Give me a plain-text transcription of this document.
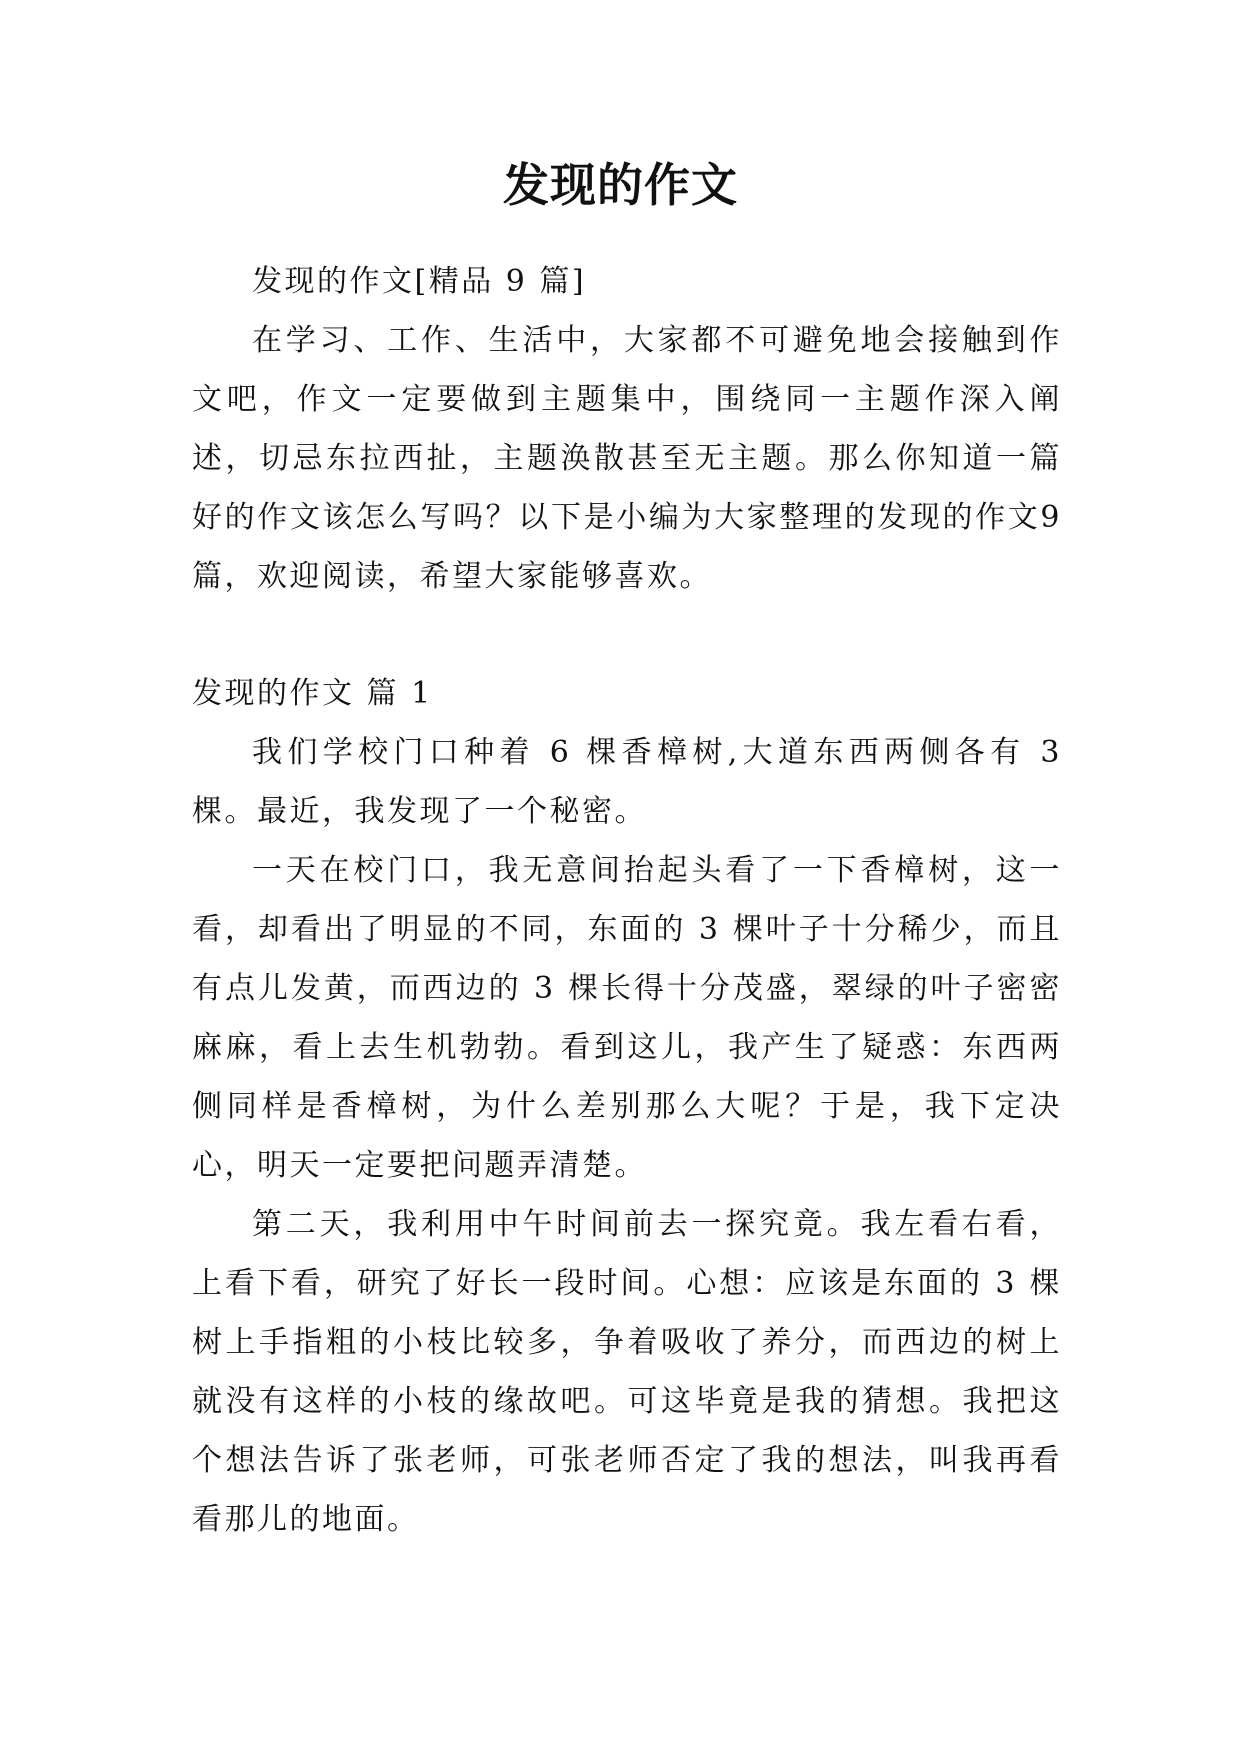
发现的作文

发现的作文[精品 9 篇]

在学习、工作、生活中，大家都不可避免地会接触到作文吧，作文一定要做到主题集中，围绕同一主题作深入阐述，切忌东拉西扯，主题涣散甚至无主题。那么你知道一篇好的作文该怎么写吗？以下是小编为大家整理的发现的作文9篇，欢迎阅读，希望大家能够喜欢。

发现的作文 篇 1

我们学校门口种着 6 棵香樟树,大道东西两侧各有 3 棵。最近，我发现了一个秘密。

一天在校门口，我无意间抬起头看了一下香樟树，这一看，却看出了明显的不同，东面的 3 棵叶子十分稀少，而且有点儿发黄，而西边的 3 棵长得十分茂盛，翠绿的叶子密密麻麻，看上去生机勃勃。看到这儿，我产生了疑惑：东西两侧同样是香樟树，为什么差别那么大呢？于是，我下定决心，明天一定要把问题弄清楚。

第二天，我利用中午时间前去一探究竟。我左看右看，上看下看，研究了好长一段时间。心想：应该是东面的 3 棵树上手指粗的小枝比较多，争着吸收了养分，而西边的树上就没有这样的小枝的缘故吧。可这毕竟是我的猜想。我把这个想法告诉了张老师，可张老师否定了我的想法，叫我再看看那儿的地面。
